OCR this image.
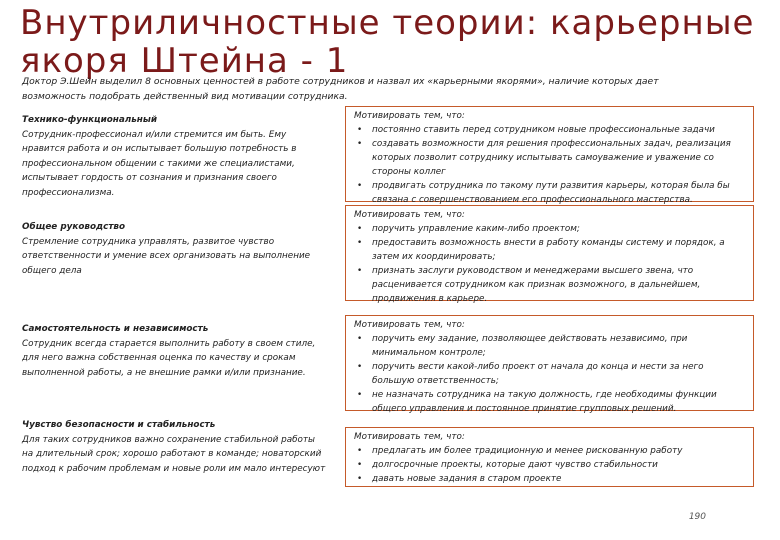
Внутриличностные теории: карьерные якоря Штейна - 1
Доктор Э.Шейн выделил 8 основных ценностей в работе сотрудников и назвал их «карьерными якорями», наличие которых дает возможность подобрать действенный вид мотивации сотрудника.
Технико-функциональный
Сотрудник-профессионал и/или стремится им быть. Ему нравится работа и он испытывает большую потребность в профессиональном общении с такими же специалистами, испытывает гордость от сознания и признания своего профессионализма.
Мотивировать тем, что:
• постоянно ставить перед сотрудником новые профессиональные задачи
• создавать возможности для решения профессиональных задач, реализация которых позволит сотруднику испытывать самоуважение и уважение со стороны коллег
• продвигать сотрудника по такому пути развития карьеры, которая была бы связана с совершенствованием его профессионального мастерства.
Общее руководство
Стремление сотрудника управлять, развитое чувство ответственности и умение всех организовать на выполнение общего дела
Мотивировать тем, что:
• поручить управление каким-либо проектом;
• предоставить возможность внести в работу команды систему и порядок, а затем их координировать;
• признать заслуги руководством и менеджерами высшего звена, что расценивается сотрудником как признак возможного, в дальнейшем, продвижения в карьере.
Самостоятельность и независимость
Сотрудник всегда старается выполнить работу в своем стиле, для него важна собственная оценка по качеству и срокам выполненной работы, а не внешние рамки и/или признание.
Мотивировать тем, что:
• поручить ему задание, позволяющее действовать независимо, при минимальном контроле;
• поручить вести какой-либо проект от начала до конца и нести за него большую ответственность;
• не назначать сотрудника на такую должность, где необходимы функции общего управления и постоянное принятие групповых решений.
Чувство безопасности и стабильность
Для таких сотрудников важно сохранение стабильной работы на длительный срок; хорошо работают в команде; новаторский подход к рабочим проблемам и новые роли им мало интересуют
Мотивировать тем, что:
• предлагать им более традиционную и менее рискованную работу
• долгосрочные проекты, которые дают чувство стабильности
• давать новые задания в старом проекте
190
